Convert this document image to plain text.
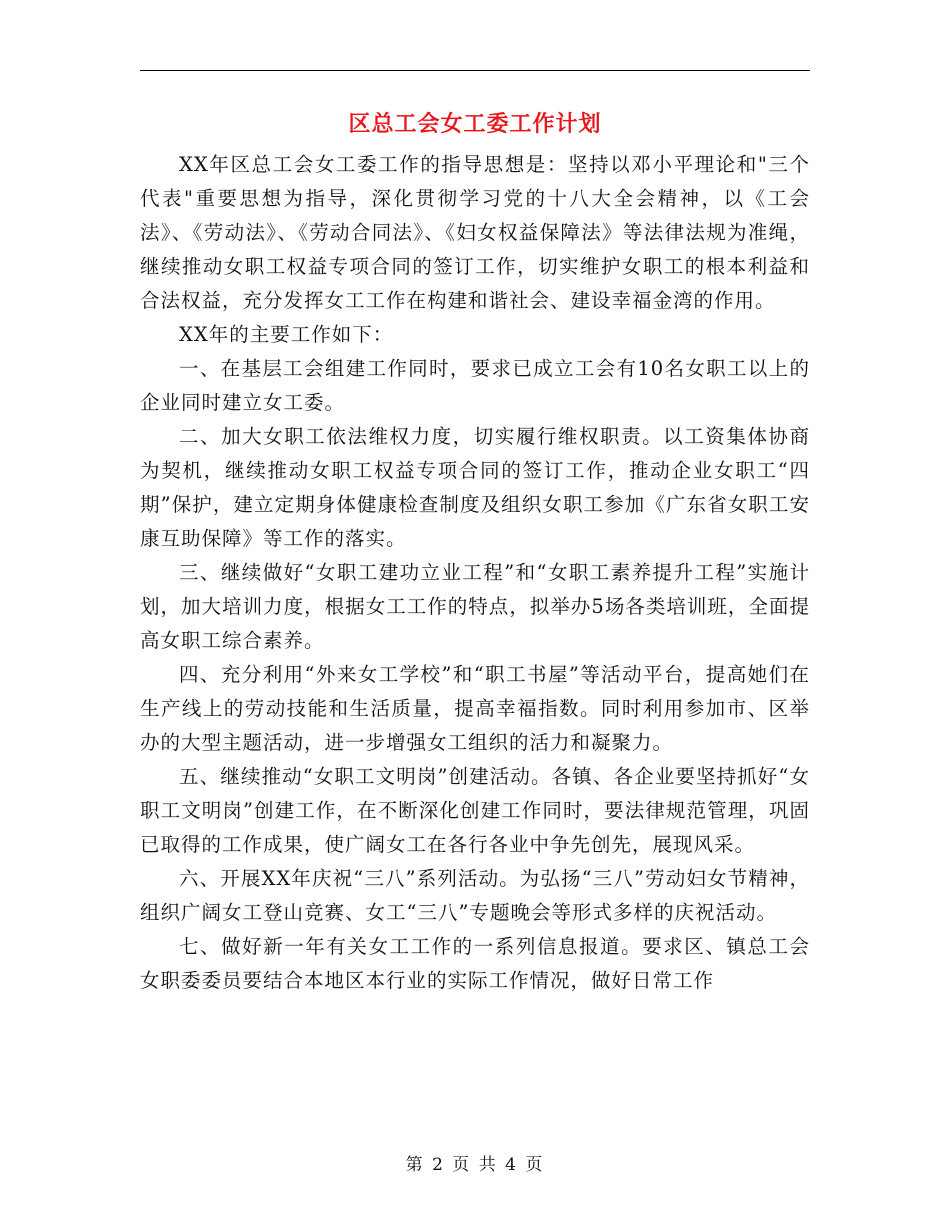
区总工会女工委工作计划

XX年区总工会女工委工作的指导思想是：坚持以邓小平理论和"三个代表"重要思想为指导，深化贯彻学习党的十八大全会精神，以《工会法》、《劳动法》、《劳动合同法》、《妇女权益保障法》等法律法规为准绳，继续推动女职工权益专项合同的签订工作，切实维护女职工的根本利益和合法权益，充分发挥女工工作在构建和谐社会、建设幸福金湾的作用。

XX年的主要工作如下：

一、在基层工会组建工作同时，要求已成立工会有10名女职工以上的企业同时建立女工委。

二、加大女职工依法维权力度，切实履行维权职责。以工资集体协商为契机，继续推动女职工权益专项合同的签订工作，推动企业女职工“四期”保护，建立定期身体健康检查制度及组织女职工参加《广东省女职工安康互助保障》等工作的落实。

三、继续做好“女职工建功立业工程”和“女职工素养提升工程”实施计划，加大培训力度，根据女工工作的特点，拟举办5场各类培训班，全面提高女职工综合素养。

四、充分利用“外来女工学校”和“职工书屋”等活动平台，提高她们在生产线上的劳动技能和生活质量，提高幸福指数。同时利用参加市、区举办的大型主题活动，进一步增强女工组织的活力和凝聚力。

五、继续推动“女职工文明岗”创建活动。各镇、各企业要坚持抓好“女职工文明岗”创建工作，在不断深化创建工作同时，要法律规范管理，巩固已取得的工作成果，使广阔女工在各行各业中争先创先，展现风采。

六、开展XX年庆祝“三八”系列活动。为弘扬“三八”劳动妇女节精神，组织广阔女工登山竞赛、女工“三八”专题晚会等形式多样的庆祝活动。

七、做好新一年有关女工工作的一系列信息报道。要求区、镇总工会女职委委员要结合本地区本行业的实际工作情况，做好日常工作

第 2 页 共 4 页
